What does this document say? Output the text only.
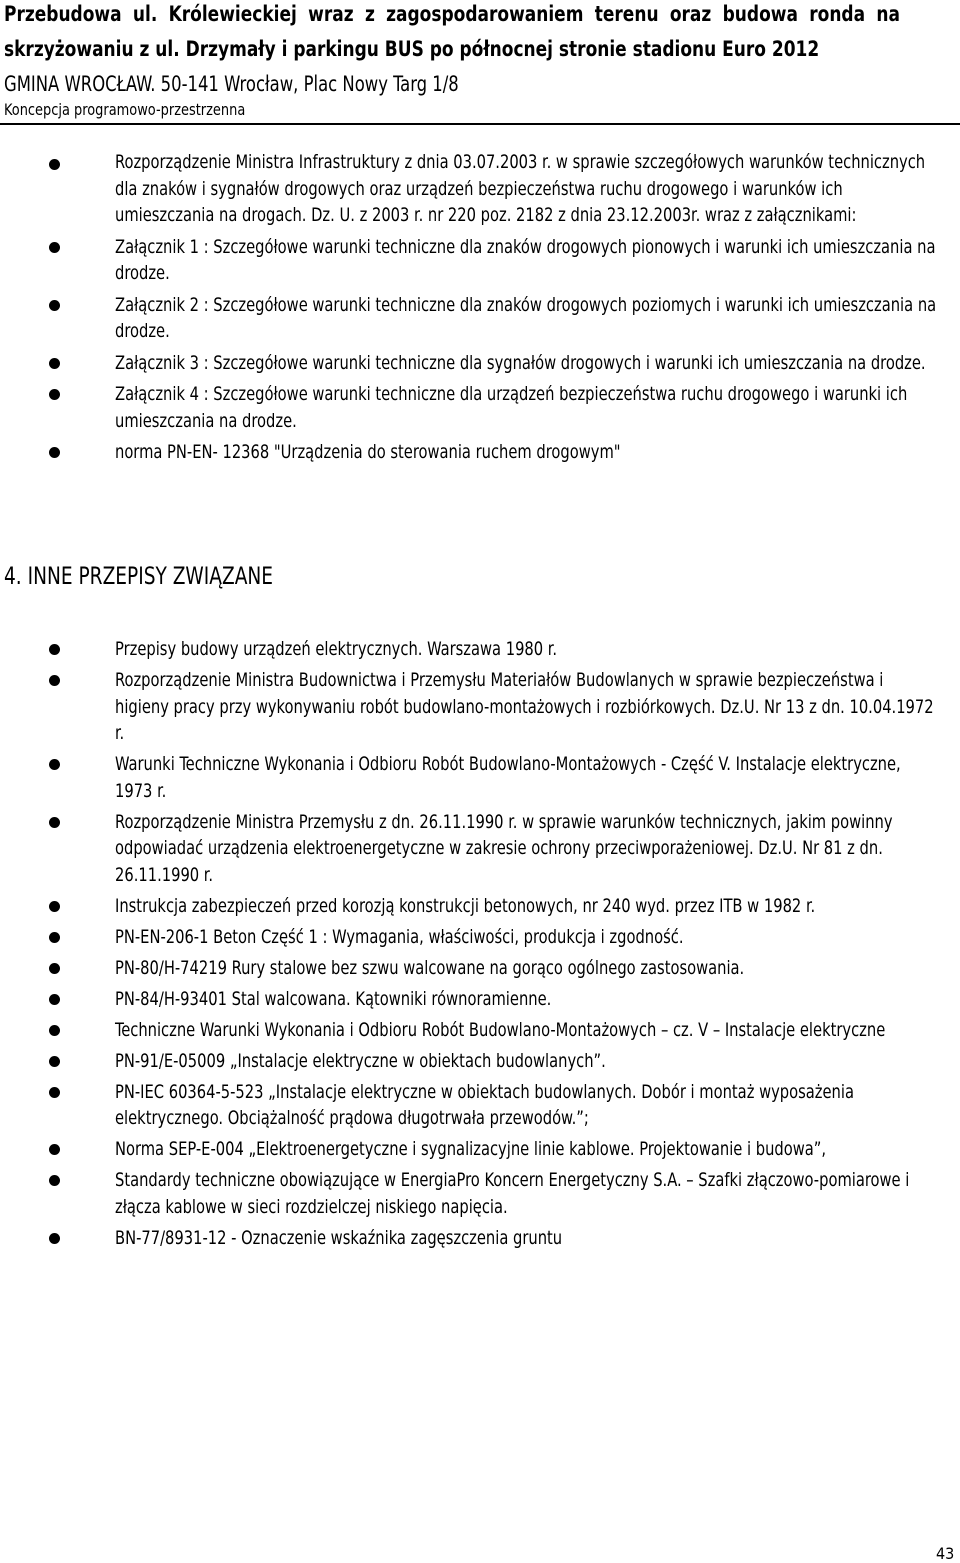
Przebudowa ul. Królewieckiej wraz z zagospodarowaniem terenu oraz budowa ronda na
skrzyżowaniu z ul. Drzymały i parkingu BUS po północnej stronie stadionu Euro 2012
GMINA WROCŁAW. 50-141 Wrocław, Plac Nowy Targ 1/8
Koncepcja programowo-przestrzenna
Rozporządzenie Ministra Infrastruktury z dnia 03.07.2003 r. w sprawie szczegółowych warunków technicznych dla znaków i sygnałów drogowych oraz urządzeń bezpieczeństwa ruchu drogowego i warunków ich umieszczania na drogach. Dz. U. z 2003 r. nr 220 poz. 2182 z dnia 23.12.2003r. wraz z załącznikami:
Załącznik 1 : Szczegółowe warunki techniczne dla znaków drogowych pionowych i warunki ich umieszczania na drodze.
Załącznik 2 : Szczegółowe warunki techniczne dla znaków drogowych poziomych i warunki ich umieszczania na drodze.
Załącznik 3 : Szczegółowe warunki techniczne dla sygnałów drogowych i warunki ich umieszczania na drodze.
Załącznik 4 : Szczegółowe warunki techniczne dla urządzeń bezpieczeństwa ruchu drogowego i warunki ich umieszczania na drodze.
norma PN-EN- 12368 "Urządzenia do sterowania ruchem drogowym"
4. INNE PRZEPISY ZWIĄZANE
Przepisy budowy urządzeń elektrycznych. Warszawa 1980 r.
Rozporządzenie Ministra Budownictwa i Przemysłu Materiałów Budowlanych w sprawie bezpieczeństwa i higieny pracy przy wykonywaniu robót budowlano-montażowych i rozbiórkowych. Dz.U. Nr 13 z dn. 10.04.1972 r.
Warunki Techniczne Wykonania i Odbioru Robót Budowlano-Montażowych - Część V. Instalacje elektryczne, 1973 r.
Rozporządzenie Ministra Przemysłu z dn. 26.11.1990 r. w sprawie warunków technicznych, jakim powinny odpowiadać urządzenia elektroenergetyczne w zakresie ochrony przeciwporażeniowej. Dz.U. Nr 81 z dn. 26.11.1990 r.
Instrukcja zabezpieczeń przed korozją konstrukcji betonowych, nr 240 wyd. przez ITB w 1982 r.
PN-EN-206-1 Beton Część 1 : Wymagania, właściwości, produkcja i zgodność.
PN-80/H-74219 Rury stalowe bez szwu walcowane na gorąco ogólnego zastosowania.
PN-84/H-93401 Stal walcowana. Kątowniki równoramienne.
Techniczne Warunki Wykonania i Odbioru Robót Budowlano-Montażowych – cz. V – Instalacje elektryczne
PN-91/E-05009 „Instalacje elektryczne w obiektach budowlanych”.
PN-IEC 60364-5-523 „Instalacje elektryczne w obiektach budowlanych. Dobór i montaż wyposażenia elektrycznego. Obciążalność prądowa długotrwała przewodów.”;
Norma SEP-E-004 „Elektroenergetyczne i sygnalizacyjne linie kablowe. Projektowanie i budowa”,
Standardy techniczne obowiązujące w EnergiaPro Koncern Energetyczny S.A. – Szafki złączowo-pomiarowe i złącza kablowe w sieci rozdzielczej niskiego napięcia.
BN-77/8931-12 - Oznaczenie wskaźnika zagęszczenia gruntu
43
